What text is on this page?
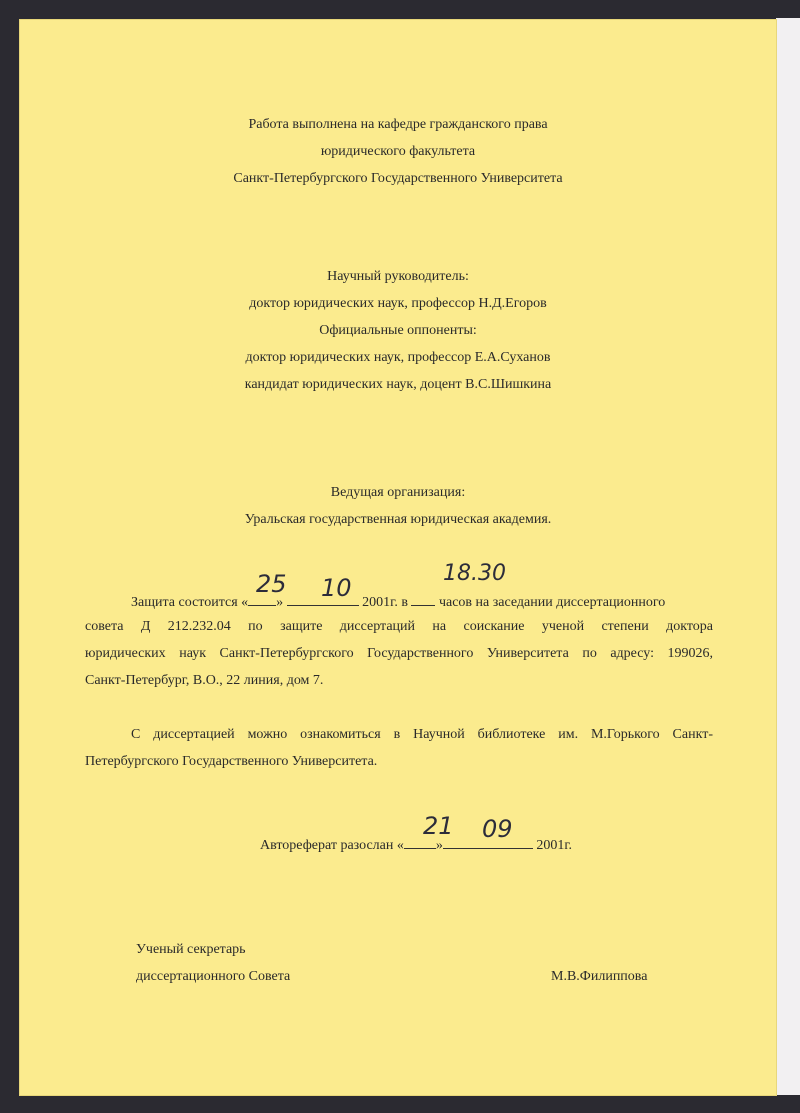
Работа выполнена на кафедре гражданского права
юридического факультета
Санкт-Петербургского Государственного Университета
Научный руководитель:
доктор юридических наук, профессор Н.Д.Егоров
Официальные оппоненты:
доктор юридических наук, профессор Е.А.Суханов
кандидат юридических наук, доцент В.С.Шишкина
Ведущая организация:
Уральская государственная юридическая академия.
Защита состоится « »	2001г. в часов на заседании диссертационного
25 10
18.30
совета Д 212.232.04 по защите диссертаций на соискание ученой степени доктора
юридических наук Санкт-Петербургского Государственного Университета по адресу: 199026,
Санкт-Петербург, В.О., 22 линия, дом 7.
С диссертацией можно ознакомиться в Научной библиотеке им. М.Горького Санкт-
Петербургского Государственного Университета.
Автореферат разослан « »	2001г.
21 09
Ученый секретарь
диссертационного Совета	М.В.Филиппова
